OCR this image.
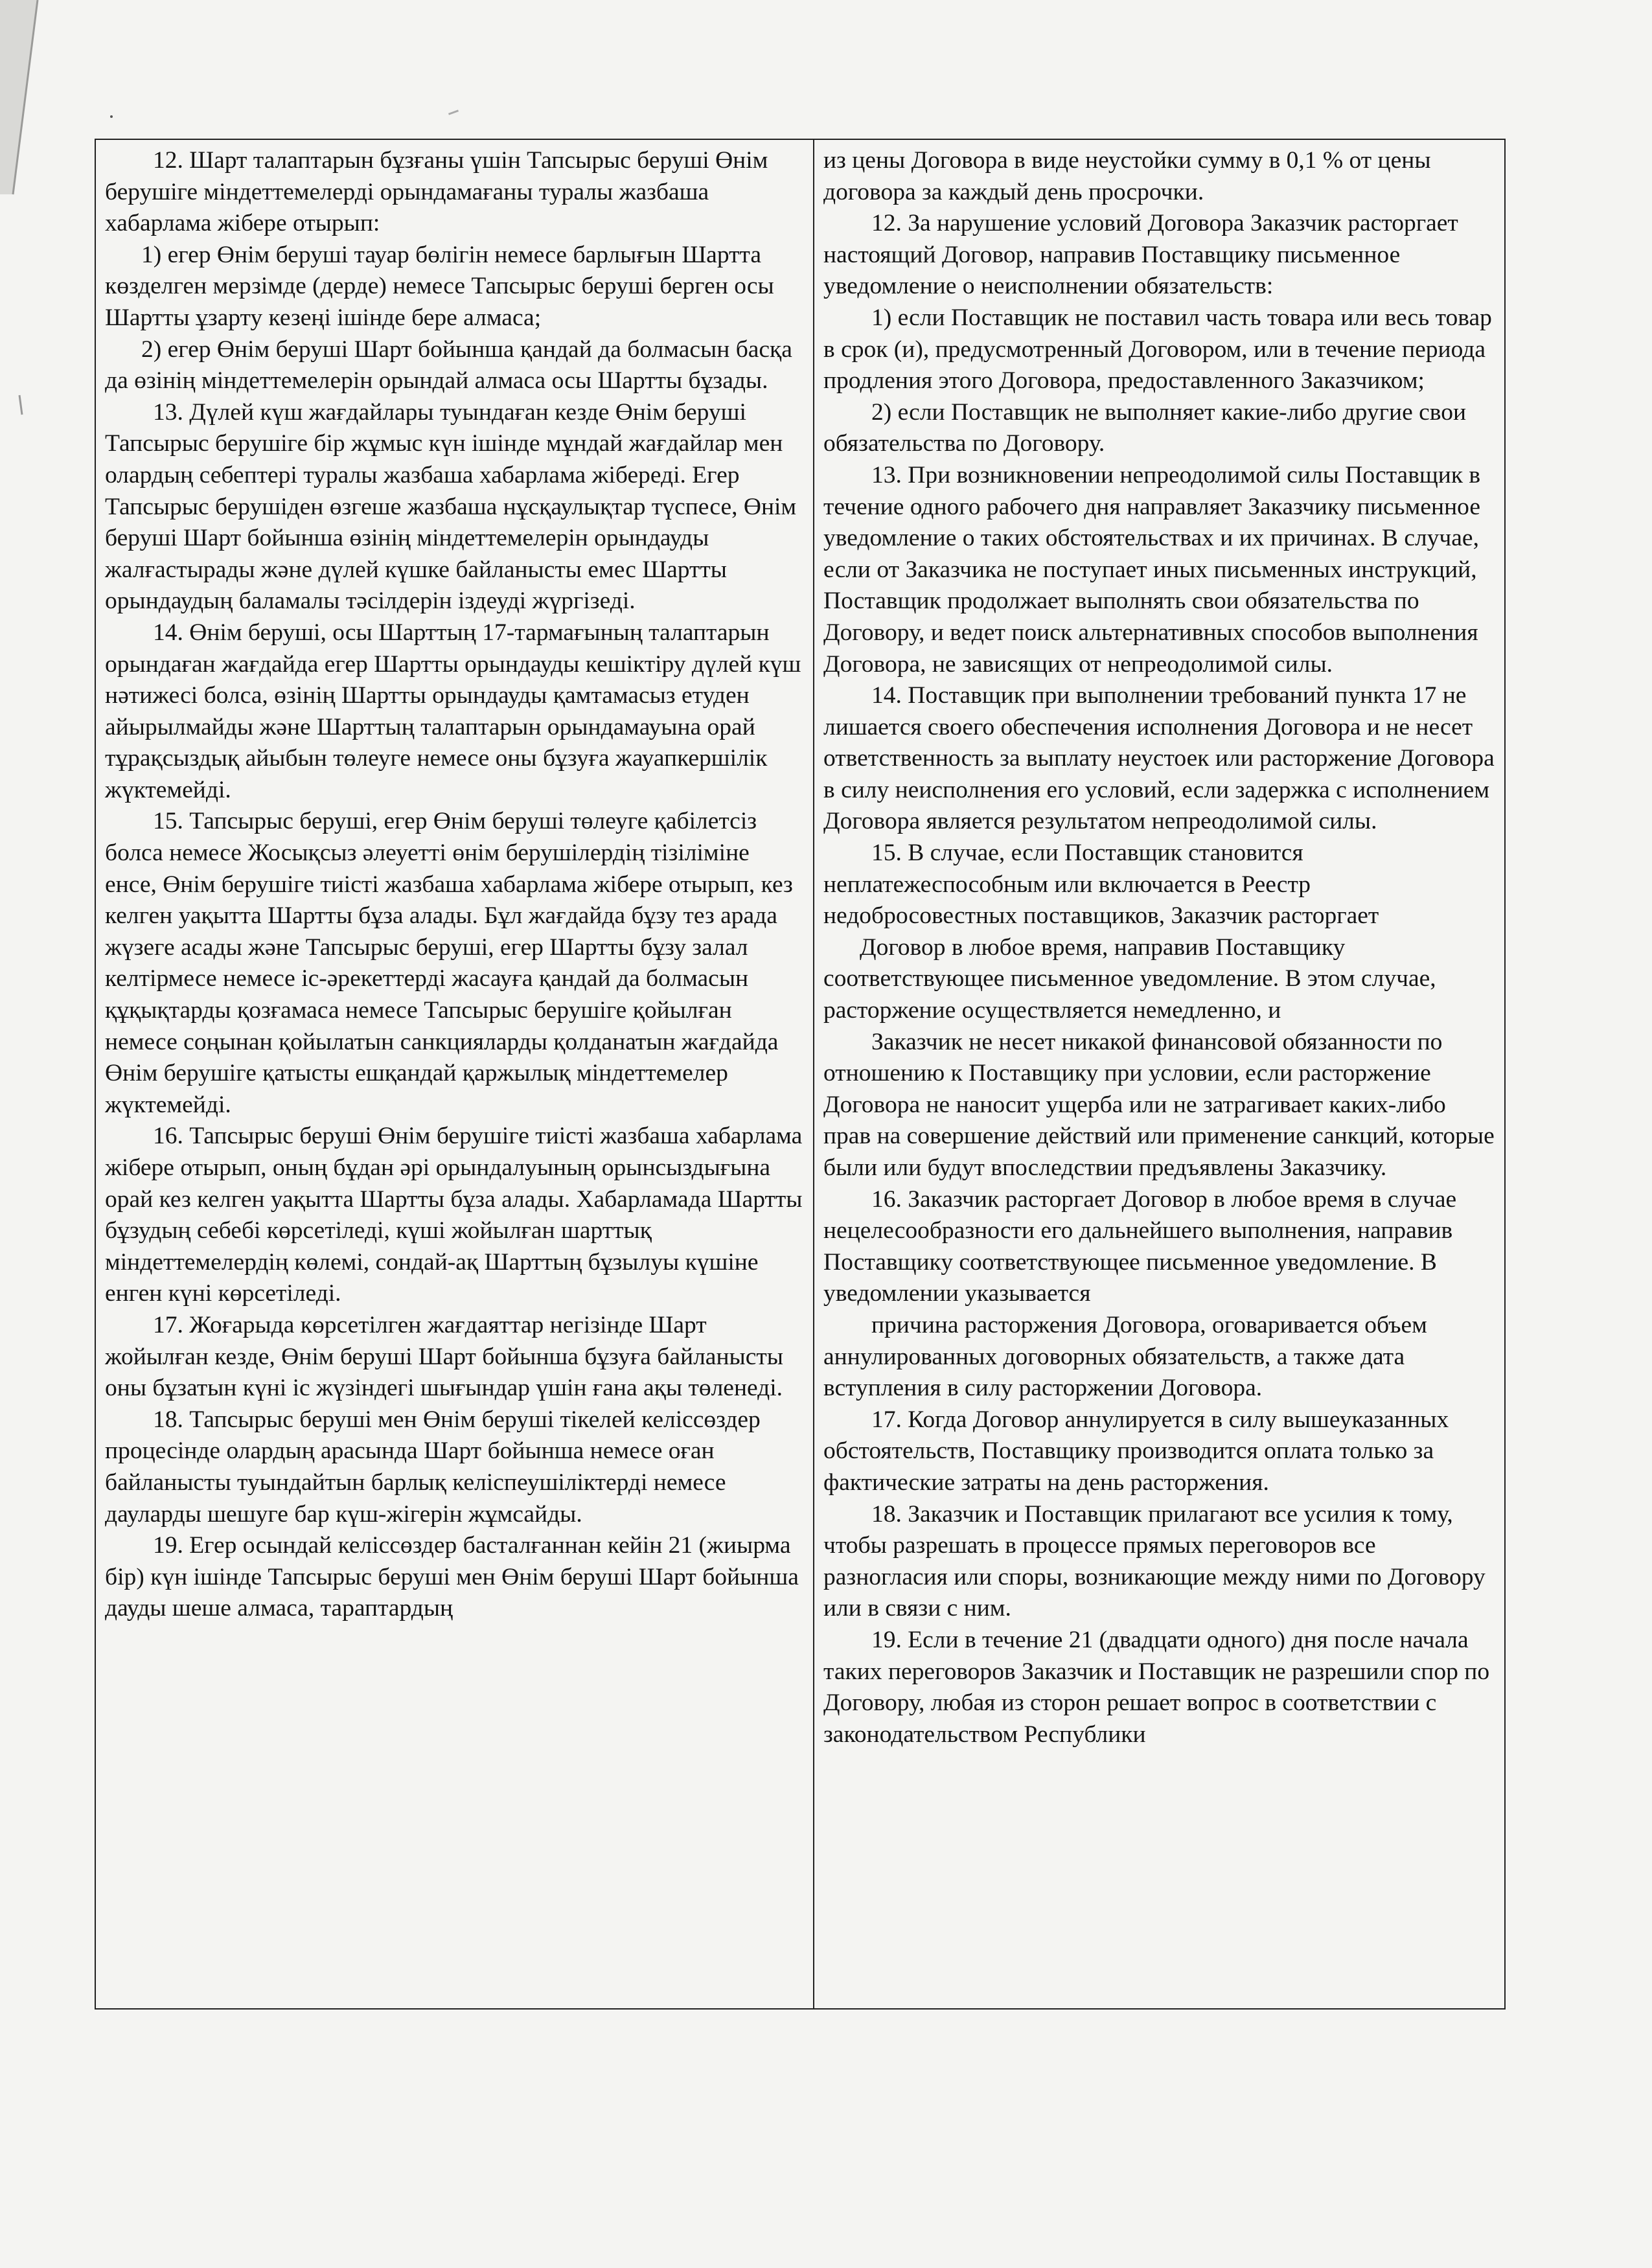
12. Шарт талаптарын бұзғаны үшін Тапсырыс беруші Өнім берушіге міндеттемелерді орындамағаны туралы жазбаша хабарлама жібере отырып:

1) егер Өнім беруші тауар бөлігін немесе барлығын Шартта көзделген мерзімде (дерде) немесе Тапсырыс беруші берген осы Шартты ұзарту кезеңі ішінде бере алмаса;

2) егер Өнім беруші Шарт бойынша қандай да болмасын басқа да өзінің міндеттемелерін орындай алмаса осы Шартты бұзады.

13. Дүлей күш жағдайлары туындаған кезде Өнім беруші Тапсырыс берушіге бір жұмыс күн ішінде мұндай жағдайлар мен олардың себептері туралы жазбаша хабарлама жібереді. Егер Тапсырыс берушіден өзгеше жазбаша нұсқаулықтар түспесе, Өнім беруші Шарт бойынша өзінің міндеттемелерін орындауды жалғастырады және дүлей күшке байланысты емес Шартты орындаудың баламалы тәсілдерін іздеуді жүргізеді.

14. Өнім беруші, осы Шарттың 17-тармағының талаптарын орындаған жағдайда егер Шартты орындауды кешіктіру дүлей күш нәтижесі болса, өзінің Шартты орындауды қамтамасыз етуден айырылмайды және Шарттың талаптарын орындамауына орай тұрақсыздық айыбын төлеуге немесе оны бұзуға жауапкершілік жүктемейді.

15. Тапсырыс беруші, егер Өнім беруші төлеуге қабілетсіз болса немесе Жосықсыз әлеуетті өнім берушілердің тізіліміне енсе, Өнім берушіге тиісті жазбаша хабарлама жібере отырып, кез келген уақытта Шартты бұза алады. Бұл жағдайда бұзу тез арада жүзеге асады және Тапсырыс беруші, егер Шартты бұзу залал келтірмесе немесе іс-әрекеттерді жасауға қандай да болмасын құқықтарды қозғамаса немесе Тапсырыс берушіге қойылған немесе соңынан қойылатын санкцияларды қолданатын жағдайда Өнім берушіге қатысты ешқандай қаржылық міндеттемелер жүктемейді.

16. Тапсырыс беруші Өнім берушіге тиісті жазбаша хабарлама жібере отырып, оның бұдан әрі орындалуының орынсыздығына орай кез келген уақытта Шартты бұза алады. Хабарламада Шартты бұзудың себебі көрсетіледі, күші жойылған шарттық міндеттемелердің көлемі, сондай-ақ Шарттың бұзылуы күшіне енген күні көрсетіледі.

17. Жоғарыда көрсетілген жағдаяттар негізінде Шарт жойылған кезде, Өнім беруші Шарт бойынша бұзуға байланысты оны бұзатын күні іс жүзіндегі шығындар үшін ғана ақы төленеді.

18. Тапсырыс беруші мен Өнім беруші тікелей келіссөздер процесінде олардың арасында Шарт бойынша немесе оған байланысты туындайтын барлық келіспеушіліктерді немесе дауларды шешуге бар күш-жігерін жұмсайды.

19. Егер осындай келіссөздер басталғаннан кейін 21 (жиырма бір) күн ішінде Тапсырыс беруші мен Өнім беруші Шарт бойынша дауды шеше алмаса, тараптардың

из цены Договора в виде неустойки сумму в 0,1 % от цены договора за каждый день просрочки.

12. За нарушение условий Договора Заказчик расторгает настоящий Договор, направив Поставщику письменное уведомление о неисполнении обязательств:

1) если Поставщик не поставил часть товара или весь товар в срок (и), предусмотренный Договором, или в течение периода продления этого Договора, предоставленного Заказчиком;

2) если Поставщик не выполняет какие-либо другие свои обязательства по Договору.

13. При возникновении непреодолимой силы Поставщик в течение одного рабочего дня направляет Заказчику письменное уведомление о таких обстоятельствах и их причинах. В случае, если от Заказчика не поступает иных письменных инструкций, Поставщик продолжает выполнять свои обязательства по Договору, и ведет поиск альтернативных способов выполнения Договора, не зависящих от непреодолимой силы.

14. Поставщик при выполнении требований пункта 17 не лишается своего обеспечения исполнения Договора и не несет ответственность за выплату неустоек или расторжение Договора в силу неисполнения его условий, если задержка с исполнением Договора является результатом непреодолимой силы.

15. В случае, если Поставщик становится неплатежеспособным или включается в Реестр недобросовестных поставщиков, Заказчик расторгает

Договор в любое время, направив Поставщику соответствующее письменное уведомление. В этом случае, расторжение осуществляется немедленно, и

Заказчик не несет никакой финансовой обязанности по отношению к Поставщику при условии, если расторжение Договора не наносит ущерба или не затрагивает каких-либо прав на совершение действий или применение санкций, которые были или будут впоследствии предъявлены Заказчику.

16. Заказчик расторгает Договор в любое время в случае нецелесообразности его дальнейшего выполнения, направив Поставщику соответствующее письменное уведомление. В уведомлении указывается

причина расторжения Договора, оговаривается объем аннулированных договорных обязательств, а также дата вступления в силу расторжении Договора.

17. Когда Договор аннулируется в силу вышеуказанных обстоятельств, Поставщику производится оплата только за фактические затраты на день расторжения.

18. Заказчик и Поставщик прилагают все усилия к тому, чтобы разрешать в процессе прямых переговоров все разногласия или споры, возникающие между ними по Договору или в связи с ним.

19. Если в течение 21 (двадцати одного) дня после начала таких переговоров Заказчик и Поставщик не разрешили спор по Договору, любая из сторон решает вопрос в соответствии с законодательством Республики
